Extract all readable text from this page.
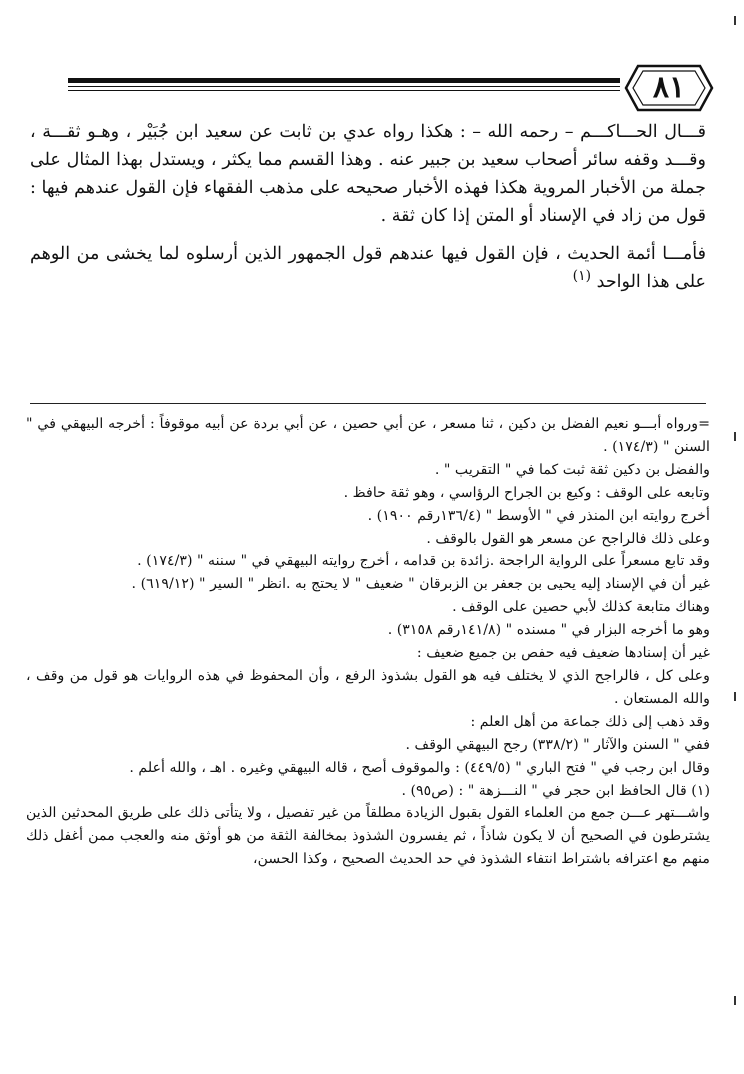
٨١

قـــال الحـــاكـــم – رحمه الله – : هكذا رواه عدي بن ثابت عن سعيد ابن جُبَيْر ، وهـو ثقـــة ، وقـــد وقفه سائر أصحاب سعيد بن جبير عنه . وهذا القسم مما يكثر ، ويستدل بهذا المثال على جملة من الأخبار المروية هكذا فهذه الأخبار صحيحه على مذهب الفقهاء فإن القول عندهم فيها : قول من زاد في الإسناد أو المتن إذا كان ثقة .

فأمـــا أئمة الحديث ، فإن القول فيها عندهم قول الجمهور الذين أرسلوه لما يخشى من الوهم على هذا الواحد $^{(١)}$

=ورواه أبـــو نعيم الفضل بن دكين ، ثنا مسعر ، عن أبي حصين ، عن أبي بردة عن أبيه موقوفاً : أخرجه البيهقي في " السنن " (١٧٤/٣) .
والفضل بن دكين ثقة ثبت كما في " التقريب " .
وتابعه على الوقف : وكيع بن الجراح الرؤاسي ، وهو ثقة حافظ .
أخرج روايته ابن المنذر في " الأوسط " (١٣٦/٤رقم ١٩٠٠) .
وعلى ذلك فالراجح عن مسعر هو القول بالوقف .
وقد تابع مسعراً على الرواية الراجحة .زائدة بن قدامه ، أخرج روايته البيهقي في " سننه " (١٧٤/٣) .
غير أن في الإسناد إليه يحيى بن جعفر بن الزبرقان " ضعيف " لا يحتج به .انظر " السير " (٦١٩/١٢) .
وهناك متابعة كذلك لأبي حصين على الوقف .
وهو ما أخرجه البزار في " مسنده " (١٤١/٨رقم ٣١٥٨) .
غير أن إسنادها ضعيف فيه حفص بن جميع ضعيف :
وعلى كل ، فالراجح الذي لا يختلف فيه هو القول بشذوذ الرفع ، وأن المحفوظ في هذه الروايات هو قول من وقف ، والله المستعان .
وقد ذهب إلى ذلك جماعة من أهل العلم :
ففي " السنن والآثار " (٣٣٨/٢) رجح البيهقي الوقف .
وقال ابن رجب في " فتح الباري " (٤٤٩/٥) : والموقوف أصح ، قاله البيهقي وغيره . اهـ ، والله أعلم .
(١) قال الحافظ ابن حجر في " النـــزهة " : (ص٩٥) .
واشـــتهر عـــن جمع من العلماء القول بقبول الزيادة مطلقاً من غير تفصيل ، ولا يتأتى ذلك على طريق المحدثين الذين يشترطون في الصحيح أن لا يكون شاذاً ، ثم يفسرون الشذوذ بمخالفة الثقة من هو أوثق منه والعجب ممن أغفل ذلك منهم مع اعترافه باشتراط انتفاء الشذوذ في حد الحديث الصحيح ، وكذا الحسن،
